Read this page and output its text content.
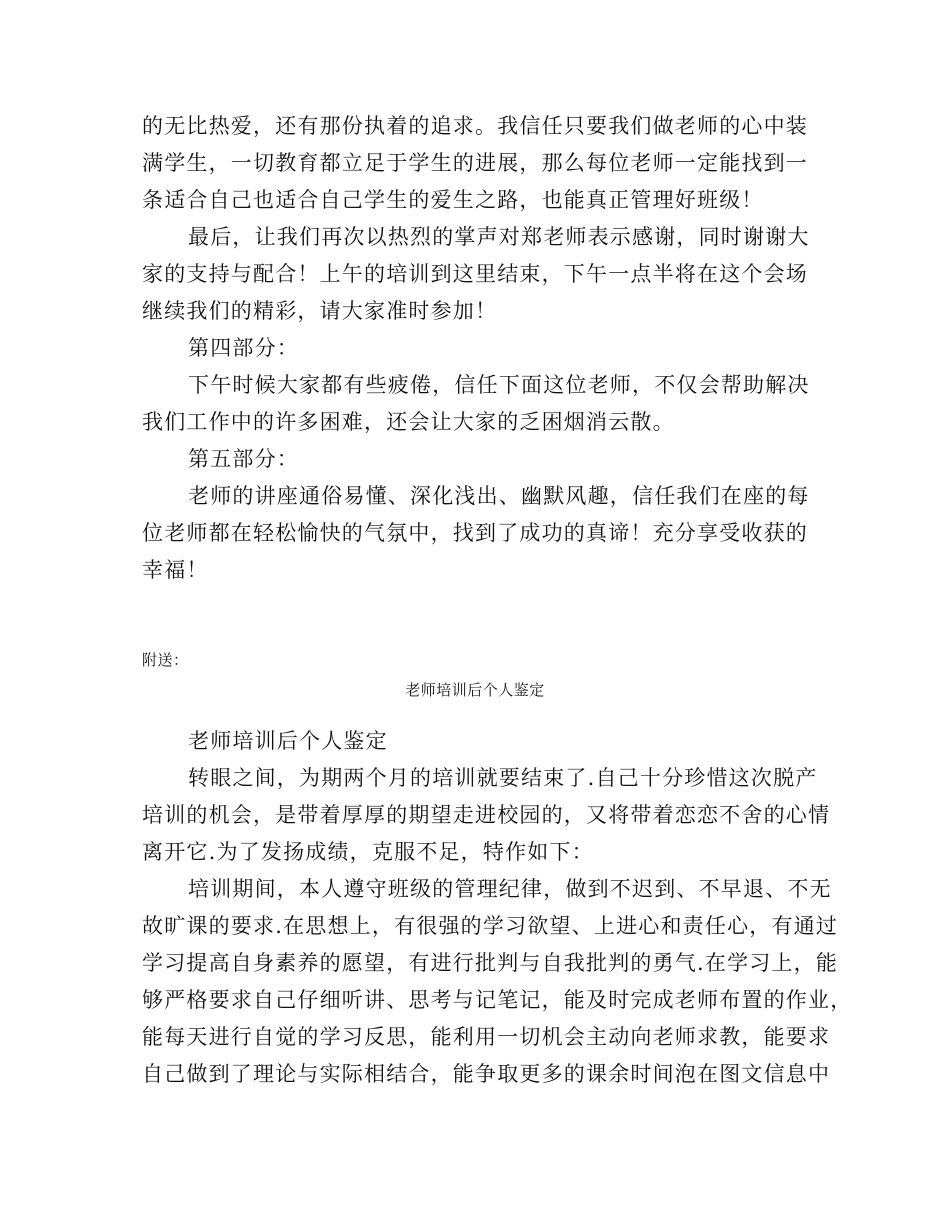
的无比热爱，还有那份执着的追求。我信任只要我们做老师的心中装
满学生，一切教育都立足于学生的进展，那么每位老师一定能找到一
条适合自己也适合自己学生的爱生之路，也能真正管理好班级！
最后，让我们再次以热烈的掌声对郑老师表示感谢，同时谢谢大
家的支持与配合！上午的培训到这里结束，下午一点半将在这个会场
继续我们的精彩，请大家准时参加！
第四部分：
下午时候大家都有些疲倦，信任下面这位老师，不仅会帮助解决
我们工作中的许多困难，还会让大家的乏困烟消云散。
第五部分：
老师的讲座通俗易懂、深化浅出、幽默风趣，信任我们在座的每
位老师都在轻松愉快的气氛中，找到了成功的真谛！充分享受收获的
幸福！
附送：
老师培训后个人鉴定
老师培训后个人鉴定
转眼之间，为期两个月的培训就要结束了.自己十分珍惜这次脱产
培训的机会，是带着厚厚的期望走进校园的，又将带着恋恋不舍的心情
离开它.为了发扬成绩，克服不足，特作如下：
培训期间，本人遵守班级的管理纪律，做到不迟到、不早退、不无
故旷课的要求.在思想上，有很强的学习欲望、上进心和责任心，有通过
学习提高自身素养的愿望，有进行批判与自我批判的勇气.在学习上，能
够严格要求自己仔细听讲、思考与记笔记，能及时完成老师布置的作业，
能每天进行自觉的学习反思，能利用一切机会主动向老师求教，能要求
自己做到了理论与实际相结合，能争取更多的课余时间泡在图文信息中
